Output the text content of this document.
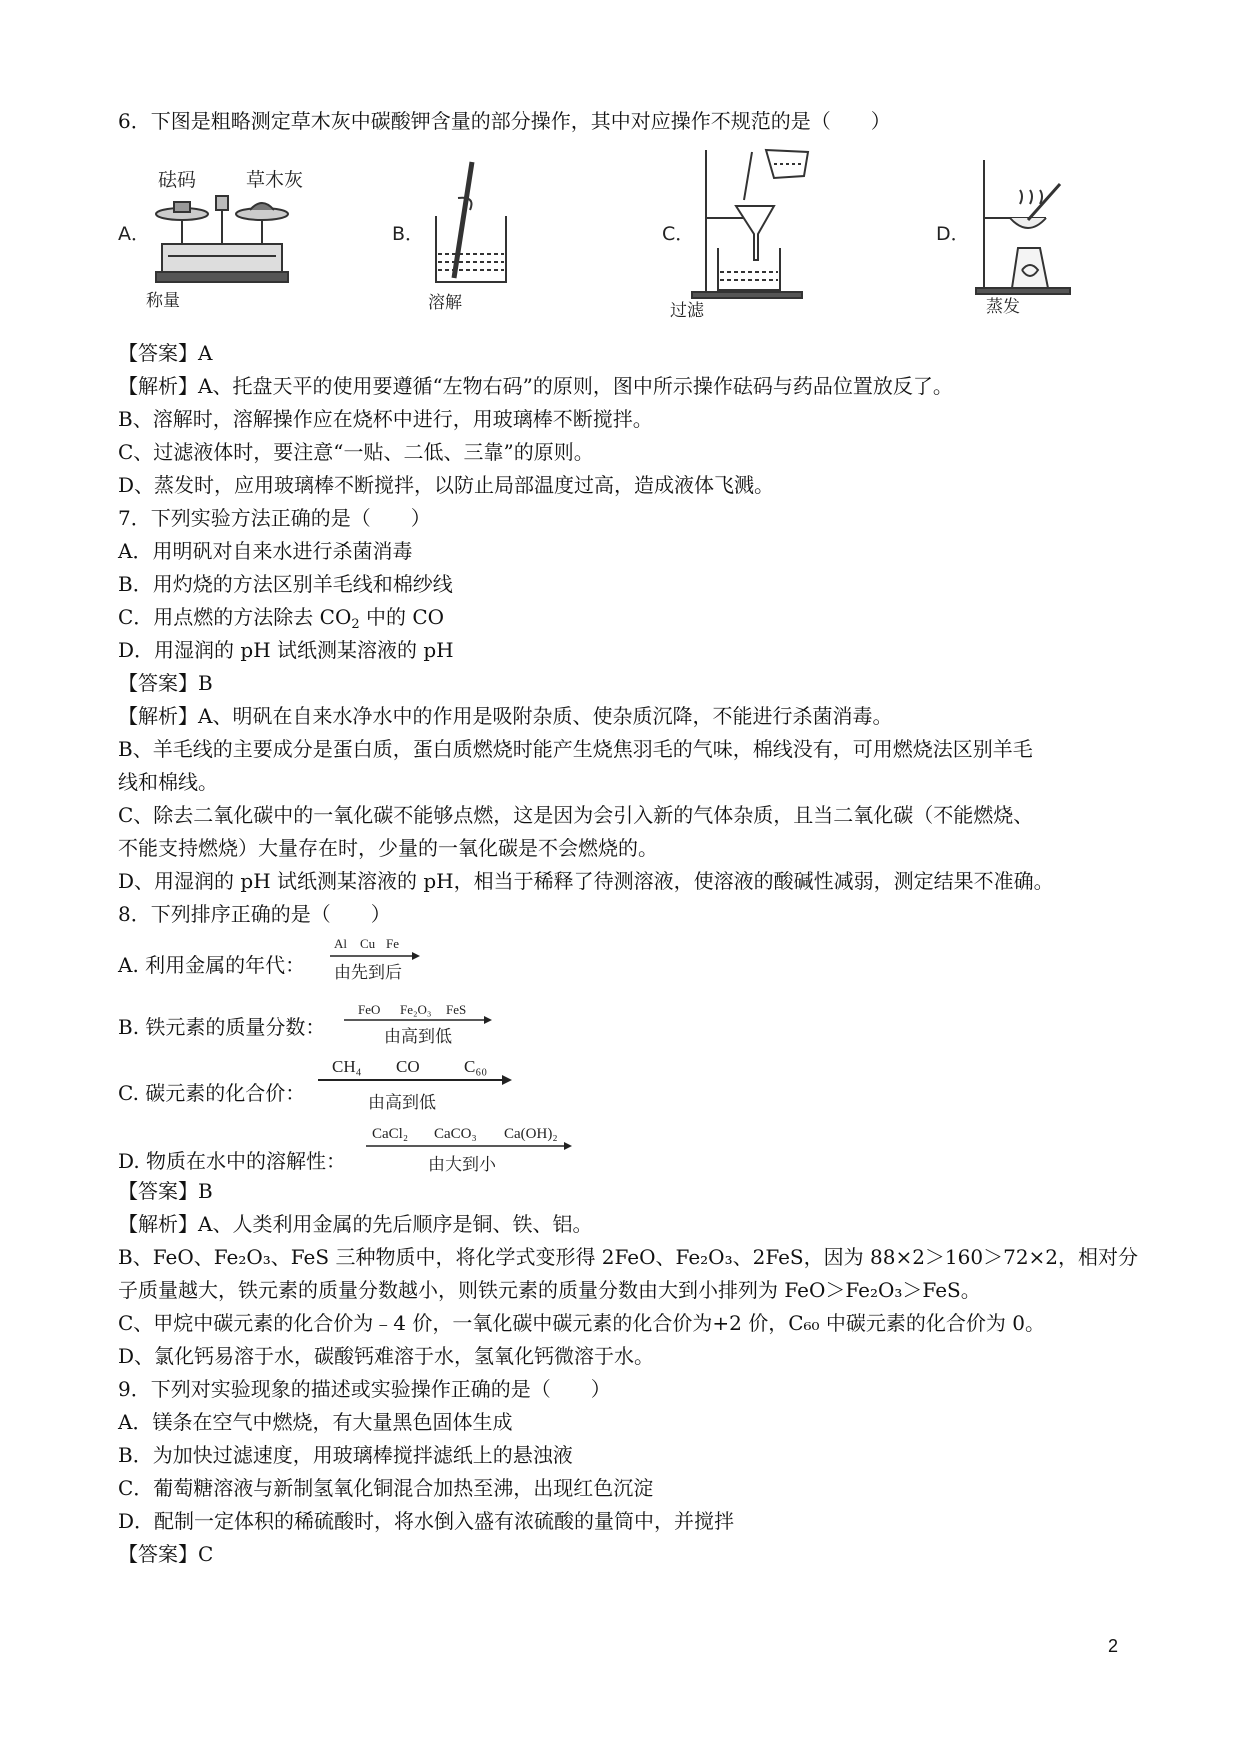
6．下图是粗略测定草木灰中碳酸钾含量的部分操作，其中对应操作不规范的是（　　）
A．
砝码	草木灰
称量
B．
溶解
C．
过滤
D．
蒸发
【答案】A
【解析】A、托盘天平的使用要遵循“左物右码”的原则，图中所示操作砝码与药品位置放反了。
B、溶解时，溶解操作应在烧杯中进行，用玻璃棒不断搅拌。
C、过滤液体时，要注意“一贴、二低、三靠”的原则。
D、蒸发时，应用玻璃棒不断搅拌，以防止局部温度过高，造成液体飞溅。
7．下列实验方法正确的是（　　）
A．用明矾对自来水进行杀菌消毒
B．用灼烧的方法区别羊毛线和棉纱线
C．用点燃的方法除去 $CO_2$ 中的 CO
D．用湿润的 pH 试纸测某溶液的 pH
【答案】B
【解析】A、明矾在自来水净水中的作用是吸附杂质、使杂质沉降，不能进行杀菌消毒。
B、羊毛线的主要成分是蛋白质，蛋白质燃烧时能产生烧焦羽毛的气味，棉线没有，可用燃烧法区别羊毛
线和棉线。
C、除去二氧化碳中的一氧化碳不能够点燃，这是因为会引入新的气体杂质，且当二氧化碳（不能燃烧、
不能支持燃烧）大量存在时，少量的一氧化碳是不会燃烧的。
D、用湿润的 pH 试纸测某溶液的 pH，相当于稀释了待测溶液，使溶液的酸碱性减弱，测定结果不准确。
8．下列排序正确的是（　　）
A. 利用金属的年代：
Al Cu Fe
由先到后
B. 铁元素的质量分数：
FeO Fe₂O₃ FeS
由高到低
C. 碳元素的化合价：
CH₄ CO	C₆₀
由高到低
D. 物质在水中的溶解性：
CaCl₂ CaCO₃ Ca(OH)₂
由大到小
【答案】B
【解析】A、人类利用金属的先后顺序是铜、铁、铝。
B、FeO、Fe₂O₃、FeS 三种物质中，将化学式变形得 2FeO、Fe₂O₃、2FeS，因为 88×2＞160＞72×2，相对分
子质量越大，铁元素的质量分数越小，则铁元素的质量分数由大到小排列为 FeO＞Fe₂O₃＞FeS。
C、甲烷中碳元素的化合价为﹣4 价，一氧化碳中碳元素的化合价为+2 价，C₆₀ 中碳元素的化合价为 0。
D、氯化钙易溶于水，碳酸钙难溶于水，氢氧化钙微溶于水。
9．下列对实验现象的描述或实验操作正确的是（　　）
A．镁条在空气中燃烧，有大量黑色固体生成
B．为加快过滤速度，用玻璃棒搅拌滤纸上的悬浊液
C．葡萄糖溶液与新制氢氧化铜混合加热至沸，出现红色沉淀
D．配制一定体积的稀硫酸时，将水倒入盛有浓硫酸的量筒中，并搅拌
【答案】C
2
